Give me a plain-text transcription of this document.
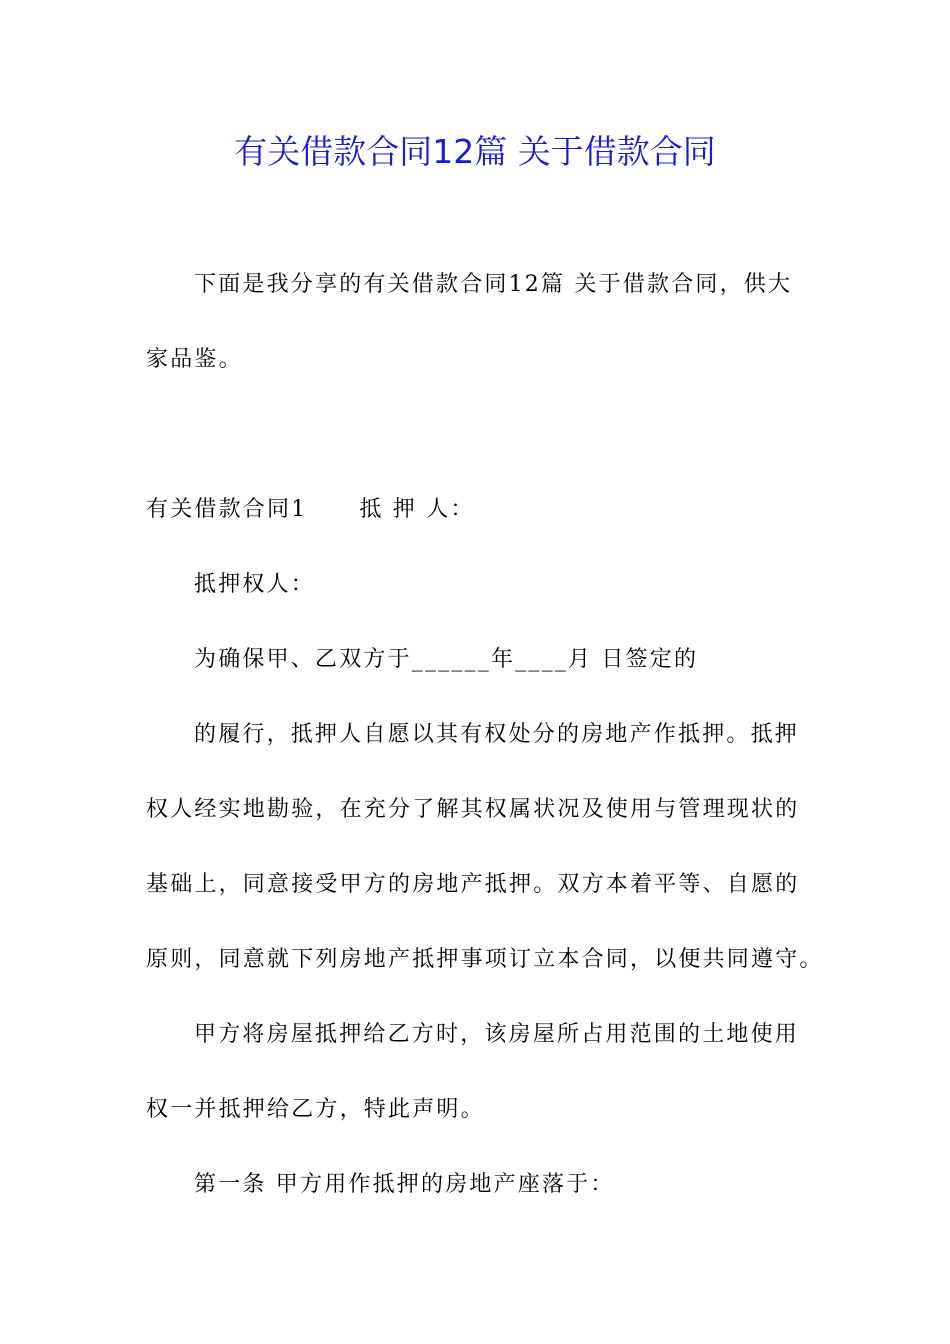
有关借款合同12篇 关于借款合同
下面是我分享的有关借款合同12篇 关于借款合同，供大
家品鉴。
有关借款合同1 抵 押 人：
抵押权人：
为确保甲、乙双方于______年____月 日签定的
的履行，抵押人自愿以其有权处分的房地产作抵押。抵押
权人经实地勘验，在充分了解其权属状况及使用与管理现状的
基础上，同意接受甲方的房地产抵押。双方本着平等、自愿的
原则，同意就下列房地产抵押事项订立本合同，以便共同遵守。
甲方将房屋抵押给乙方时，该房屋所占用范围的土地使用
权一并抵押给乙方，特此声明。
第一条 甲方用作抵押的房地产座落于：
